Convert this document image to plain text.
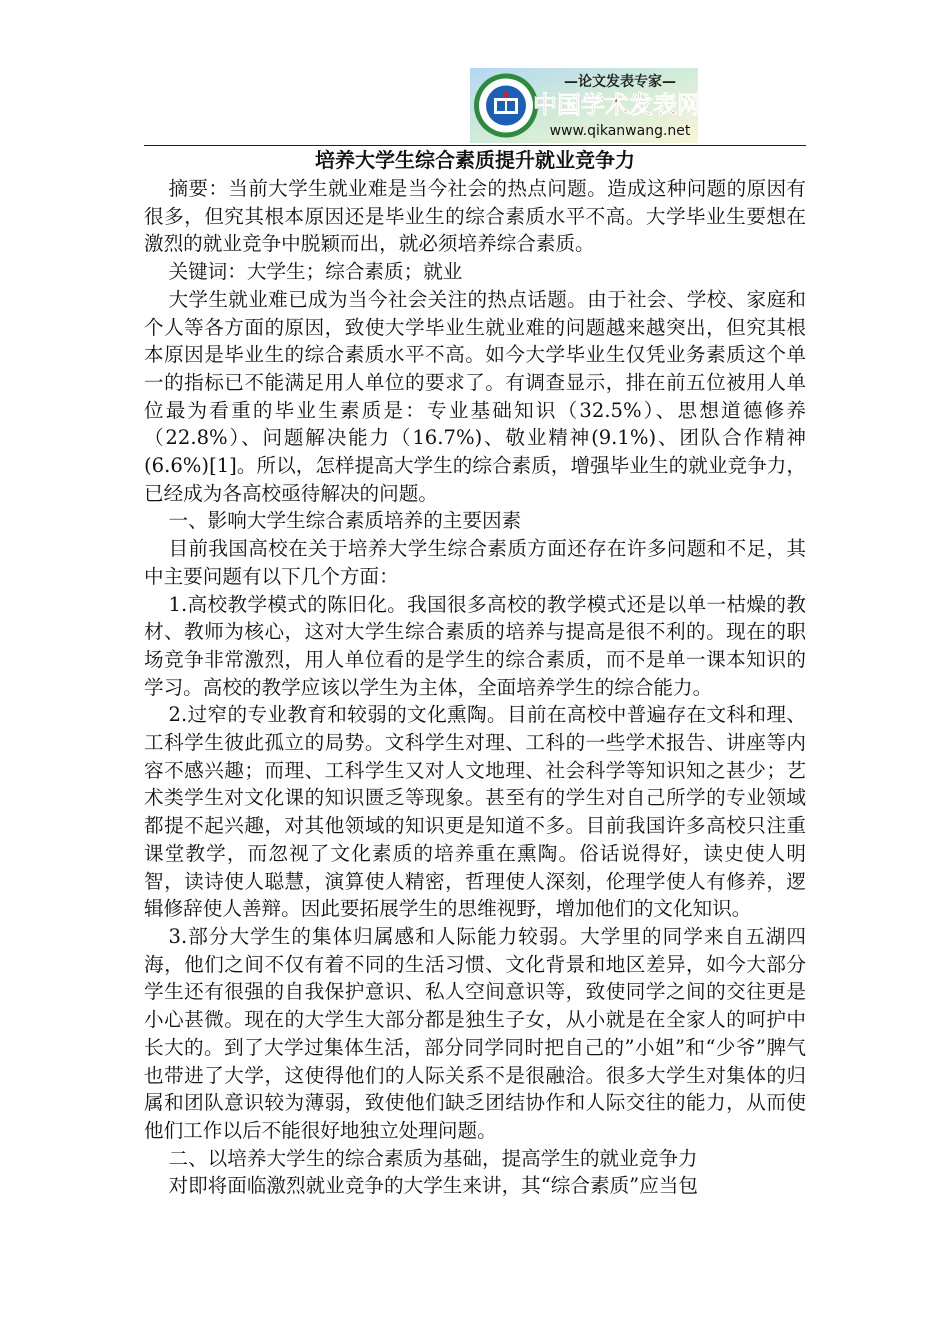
—论文发表专家—
中国学术发表网
www.qikanwang.net
培养大学生综合素质提升就业竞争力

摘要：当前大学生就业难是当今社会的热点问题。造成这种问题的原因有很多，但究其根本原因还是毕业生的综合素质水平不高。大学毕业生要想在激烈的就业竞争中脱颖而出，就必须培养综合素质。

关键词：大学生；综合素质；就业

大学生就业难已成为当今社会关注的热点话题。由于社会、学校、家庭和个人等各方面的原因，致使大学毕业生就业难的问题越来越突出，但究其根本原因是毕业生的综合素质水平不高。如今大学毕业生仅凭业务素质这个单一的指标已不能满足用人单位的要求了。有调查显示，排在前五位被用人单位最为看重的毕业生素质是：专业基础知识（32.5%）、思想道德修养（22.8%）、问题解决能力（16.7%)、敬业精神(9.1%)、团队合作精神(6.6%)[1]。所以，怎样提高大学生的综合素质，增强毕业生的就业竞争力，已经成为各高校亟待解决的问题。

一、影响大学生综合素质培养的主要因素

目前我国高校在关于培养大学生综合素质方面还存在许多问题和不足，其中主要问题有以下几个方面：

1.高校教学模式的陈旧化。我国很多高校的教学模式还是以单一枯燥的教材、教师为核心，这对大学生综合素质的培养与提高是很不利的。现在的职场竞争非常激烈，用人单位看的是学生的综合素质，而不是单一课本知识的学习。高校的教学应该以学生为主体，全面培养学生的综合能力。

2.过窄的专业教育和较弱的文化熏陶。目前在高校中普遍存在文科和理、工科学生彼此孤立的局势。文科学生对理、工科的一些学术报告、讲座等内容不感兴趣；而理、工科学生又对人文地理、社会科学等知识知之甚少；艺术类学生对文化课的知识匮乏等现象。甚至有的学生对自己所学的专业领域都提不起兴趣，对其他领域的知识更是知道不多。目前我国许多高校只注重课堂教学，而忽视了文化素质的培养重在熏陶。俗话说得好，读史使人明智，读诗使人聪慧，演算使人精密，哲理使人深刻，伦理学使人有修养，逻辑修辞使人善辩。因此要拓展学生的思维视野，增加他们的文化知识。

3.部分大学生的集体归属感和人际能力较弱。大学里的同学来自五湖四海，他们之间不仅有着不同的生活习惯、文化背景和地区差异，如今大部分学生还有很强的自我保护意识、私人空间意识等，致使同学之间的交往更是小心甚微。现在的大学生大部分都是独生子女，从小就是在全家人的呵护中长大的。到了大学过集体生活，部分同学同时把自己的”小姐”和“少爷”脾气也带进了大学，这使得他们的人际关系不是很融洽。很多大学生对集体的归属和团队意识较为薄弱，致使他们缺乏团结协作和人际交往的能力，从而使他们工作以后不能很好地独立处理问题。

二、以培养大学生的综合素质为基础，提高学生的就业竞争力

对即将面临激烈就业竞争的大学生来讲，其“综合素质”应当包
